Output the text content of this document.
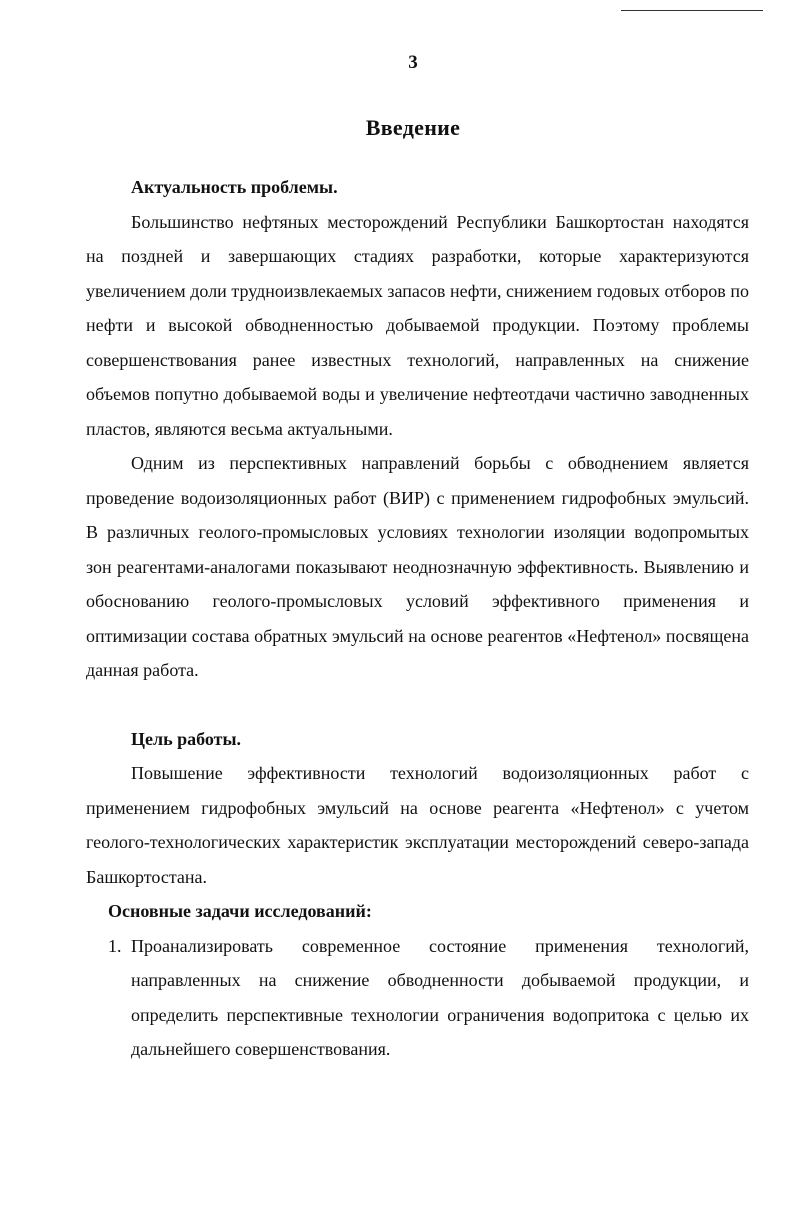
3
Введение

Актуальность проблемы.

Большинство нефтяных месторождений Республики Башкортостан находятся на поздней и завершающих стадиях разработки, которые характеризуются увеличением доли трудноизвлекаемых запасов нефти, снижением годовых отборов по нефти и высокой обводненностью добываемой продукции. Поэтому проблемы совершенствования ранее известных технологий, направленных на снижение объемов попутно добываемой воды и увеличение нефтеотдачи частично заводненных пластов, являются весьма актуальными.

Одним из перспективных направлений борьбы с обводнением является проведение водоизоляционных работ (ВИР) с применением гидрофобных эмульсий. В различных геолого-промысловых условиях технологии изоляции водопромытых зон реагентами-аналогами показывают неоднозначную эффективность. Выявлению и обоснованию геолого-промысловых условий эффективного применения и оптимизации состава обратных эмульсий на основе реагентов «Нефтенол» посвящена данная работа.

Цель работы.

Повышение эффективности технологий водоизоляционных работ с применением гидрофобных эмульсий на основе реагента «Нефтенол» с учетом геолого-технологических характеристик эксплуатации месторождений северо-запада Башкортостана.

Основные задачи исследований:

1. Проанализировать современное состояние применения технологий, направленных на снижение обводненности добываемой продукции, и определить перспективные технологии ограничения водопритока с целью их дальнейшего совершенствования.
